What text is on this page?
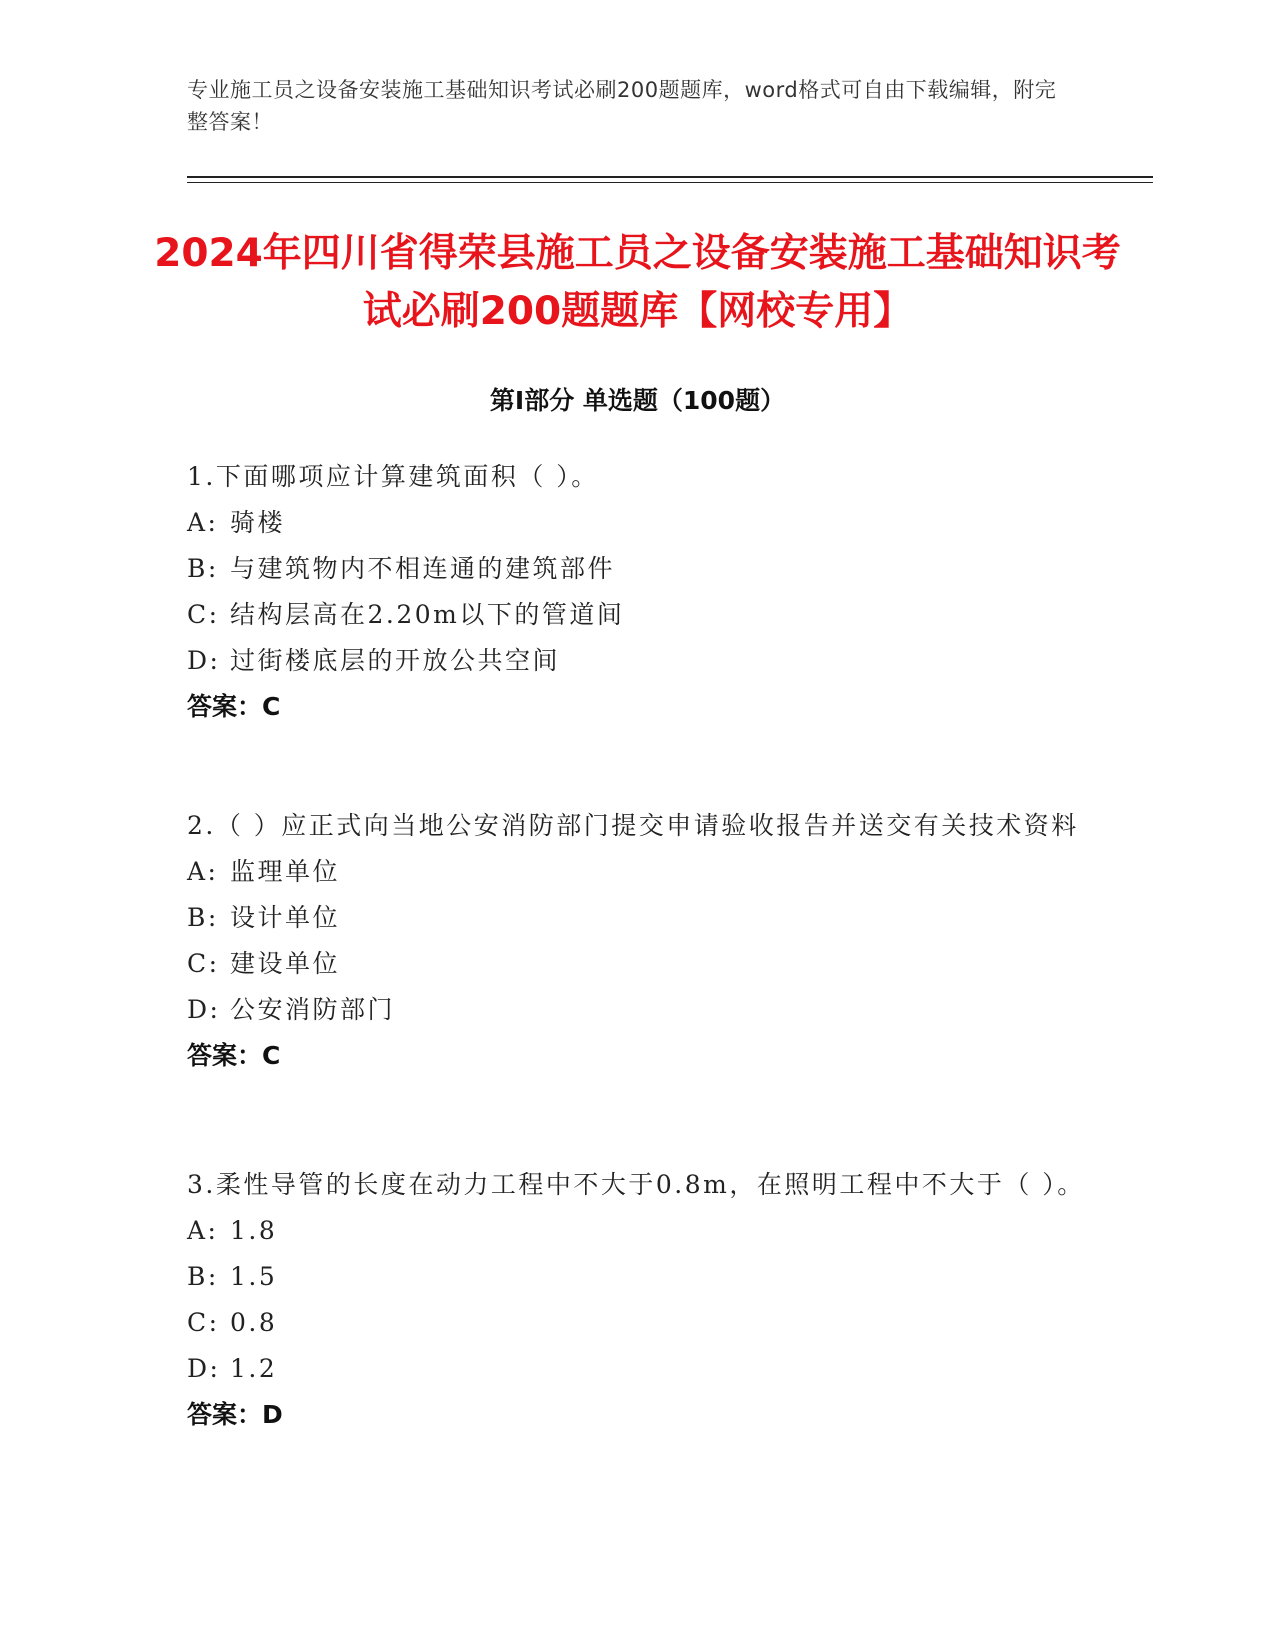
专业施工员之设备安装施工基础知识考试必刷200题题库，word格式可自由下载编辑，附完整答案！
2024年四川省得荣县施工员之设备安装施工基础知识考试必刷200题题库【网校专用】
第I部分 单选题（100题）
1.下面哪项应计算建筑面积（ ）。
A: 骑楼
B: 与建筑物内不相连通的建筑部件
C: 结构层高在2.20m以下的管道间
D: 过街楼底层的开放公共空间
答案：C
2.（ ）应正式向当地公安消防部门提交申请验收报告并送交有关技术资料
A: 监理单位
B: 设计单位
C: 建设单位
D: 公安消防部门
答案：C
3.柔性导管的长度在动力工程中不大于0.8m，在照明工程中不大于（ ）。
A: 1.8
B: 1.5
C: 0.8
D: 1.2
答案：D
